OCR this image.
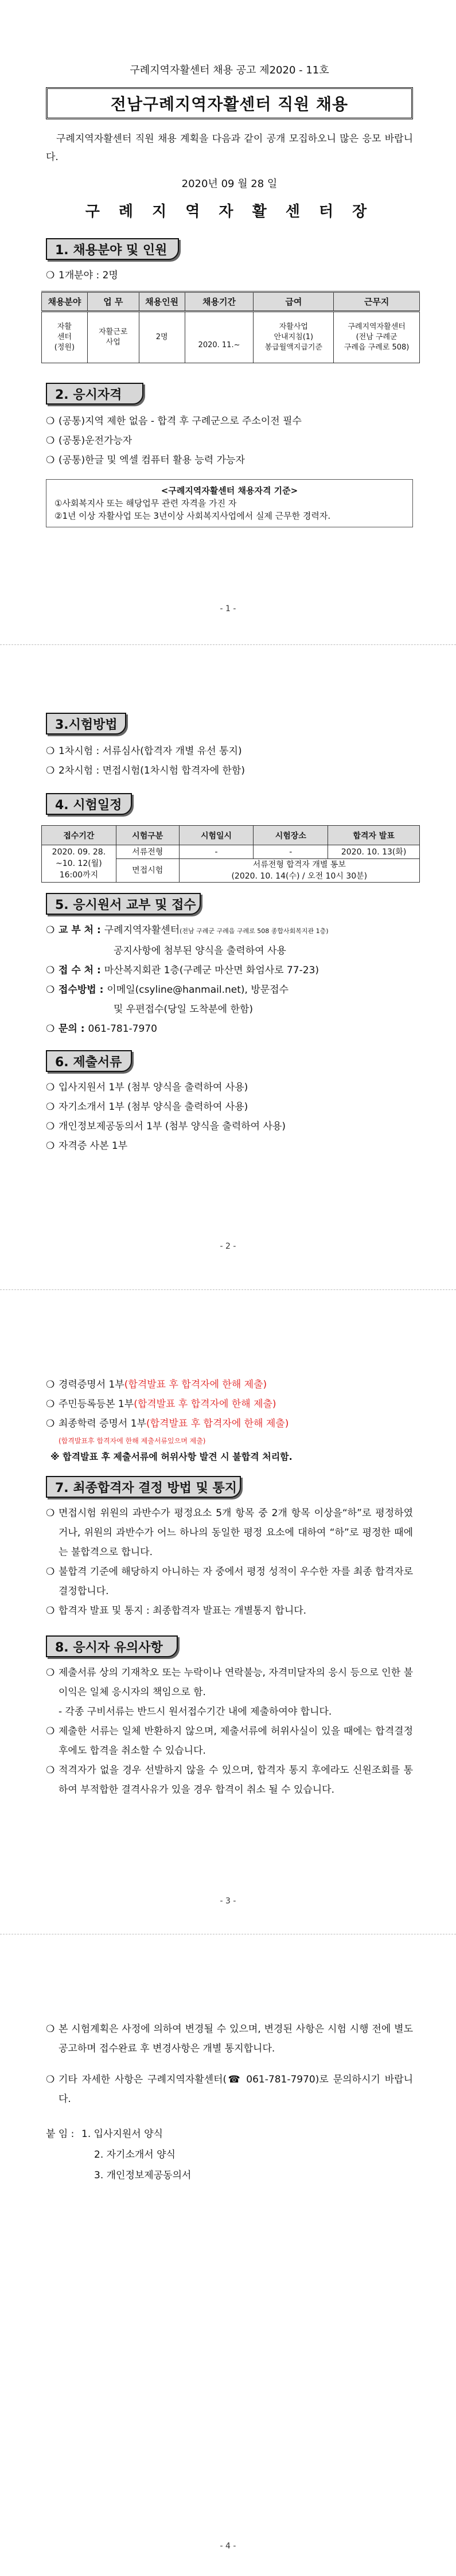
구례지역자활센터 채용 공고 제2020 - 11호
전남구례지역자활센터 직원 채용
구례지역자활센터 직원 채용 계획을 다음과 같이 공개 모집하오니 많은 응모 바랍니다.
2020년 09 월 28 일
구 례 지 역 자 활 센 터 장
1. 채용분야 및 인원
❍ 1개분야 : 2명
채용분야	업 무	채용인원	채용기간	급여	근무지
자활
센터
(정원)	자활근로
사업	2명	2020. 11.~	자활사업
안내지침(1)
봉급월액지급기준	구례지역자활센터
(전남 구례군
구례읍 구례로 508)
2. 응시자격
❍ (공통)지역 제한 없음 - 합격 후 구례군으로 주소이전 필수
❍ (공통)운전가능자
❍ (공통)한글 및 엑셀 컴퓨터 활용 능력 가능자
<구례지역자활센터 채용자격 기준>
①사회복지사 또는 해당업무 관련 자격을 가진 자
②1년 이상 자활사업 또는 3년이상 사회복지사업에서 실제 근무한 경력자.
- 1 -
3.시험방법
❍ 1차시험 : 서류심사(합격자 개별 유선 통지)
❍ 2차시험 : 면접시험(1차시험 합격자에 한함)
4. 시험일정
접수기간	시험구분	시험일시	시험장소	합격자 발표
2020. 09. 28. ~10. 12(월)
16:00까지	서류전형	-	-	2020. 10. 13(화)
	면접시험	서류전형 합격자 개별 통보
(2020. 10. 14(수) / 오전 10시 30분)		
5. 응시원서 교부 및 접수
❍ 교 부 처 : 구례지역자활센터(전남 구례군 구례읍 구례로 508 종합사회복지관 1층)
공지사항에 첨부된 양식을 출력하여 사용
❍ 접 수 처 : 마산복지회관 1층(구례군 마산면 화엄사로 77-23)
❍ 접수방법 : 이메일(csyline@hanmail.net), 방문접수
및 우편접수(당일 도착분에 한함)
❍ 문의 : 061-781-7970
6. 제출서류
❍ 입사지원서 1부 (첨부 양식을 출력하여 사용)
❍ 자기소개서 1부 (첨부 양식을 출력하여 사용)
❍ 개인정보제공동의서 1부 (첨부 양식을 출력하여 사용)
❍ 자격증 사본 1부
- 2 -
❍ 경력증명서 1부(합격발표 후 합격자에 한해 제출)
❍ 주민등록등본 1부(합격발표 후 합격자에 한해 제출)
❍ 최종학력 증명서 1부(합격발표 후 합격자에 한해 제출)
(합격발표후 합격자에 한해 제출서류있으며 제출)
※ 합격발표 후 제출서류에 허위사항 발견 시 불합격 처리함.
7. 최종합격자 결정 방법 및 통지
❍ 면접시험 위원의 과반수가 평정요소 5개 항목 중 2개 항목 이상을“하”로 평정하였거나, 위원의 과반수가 어느 하나의 동일한 평정 요소에 대하여 “하”로 평정한 때에는 불합격으로 합니다.
❍ 불합격 기준에 해당하지 아니하는 자 중에서 평정 성적이 우수한 자를 최종 합격자로 결정합니다.
❍ 합격자 발표 및 통지 : 최종합격자 발표는 개별통지 합니다.
8. 응시자 유의사항
❍ 제출서류 상의 기재착오 또는 누락이나 연락불능, 자격미달자의 응시 등으로 인한 불이익은 일체 응시자의 책임으로 함.
- 각종 구비서류는 반드시 원서접수기간 내에 제출하여야 합니다.
❍ 제출한 서류는 일체 반환하지 않으며, 제출서류에 허위사실이 있을 때에는 합격결정 후에도 합격을 취소할 수 있습니다.
❍ 적격자가 없을 경우 선발하지 않을 수 있으며, 합격자 통지 후에라도 신원조회를 통하여 부적합한 결격사유가 있을 경우 합격이 취소 될 수 있습니다.
- 3 -
❍ 본 시험계획은 사정에 의하여 변경될 수 있으며, 변경된 사항은 시험 시행 전에 별도 공고하며 접수완료 후 변경사항은 개별 통지합니다.
❍ 기타 자세한 사항은 구례지역자활센터(☎ 061-781-7970)로 문의하시기 바랍니다.
붙 임 : 1. 입사지원서 양식
2. 자기소개서 양식
3. 개인정보제공동의서
- 4 -
